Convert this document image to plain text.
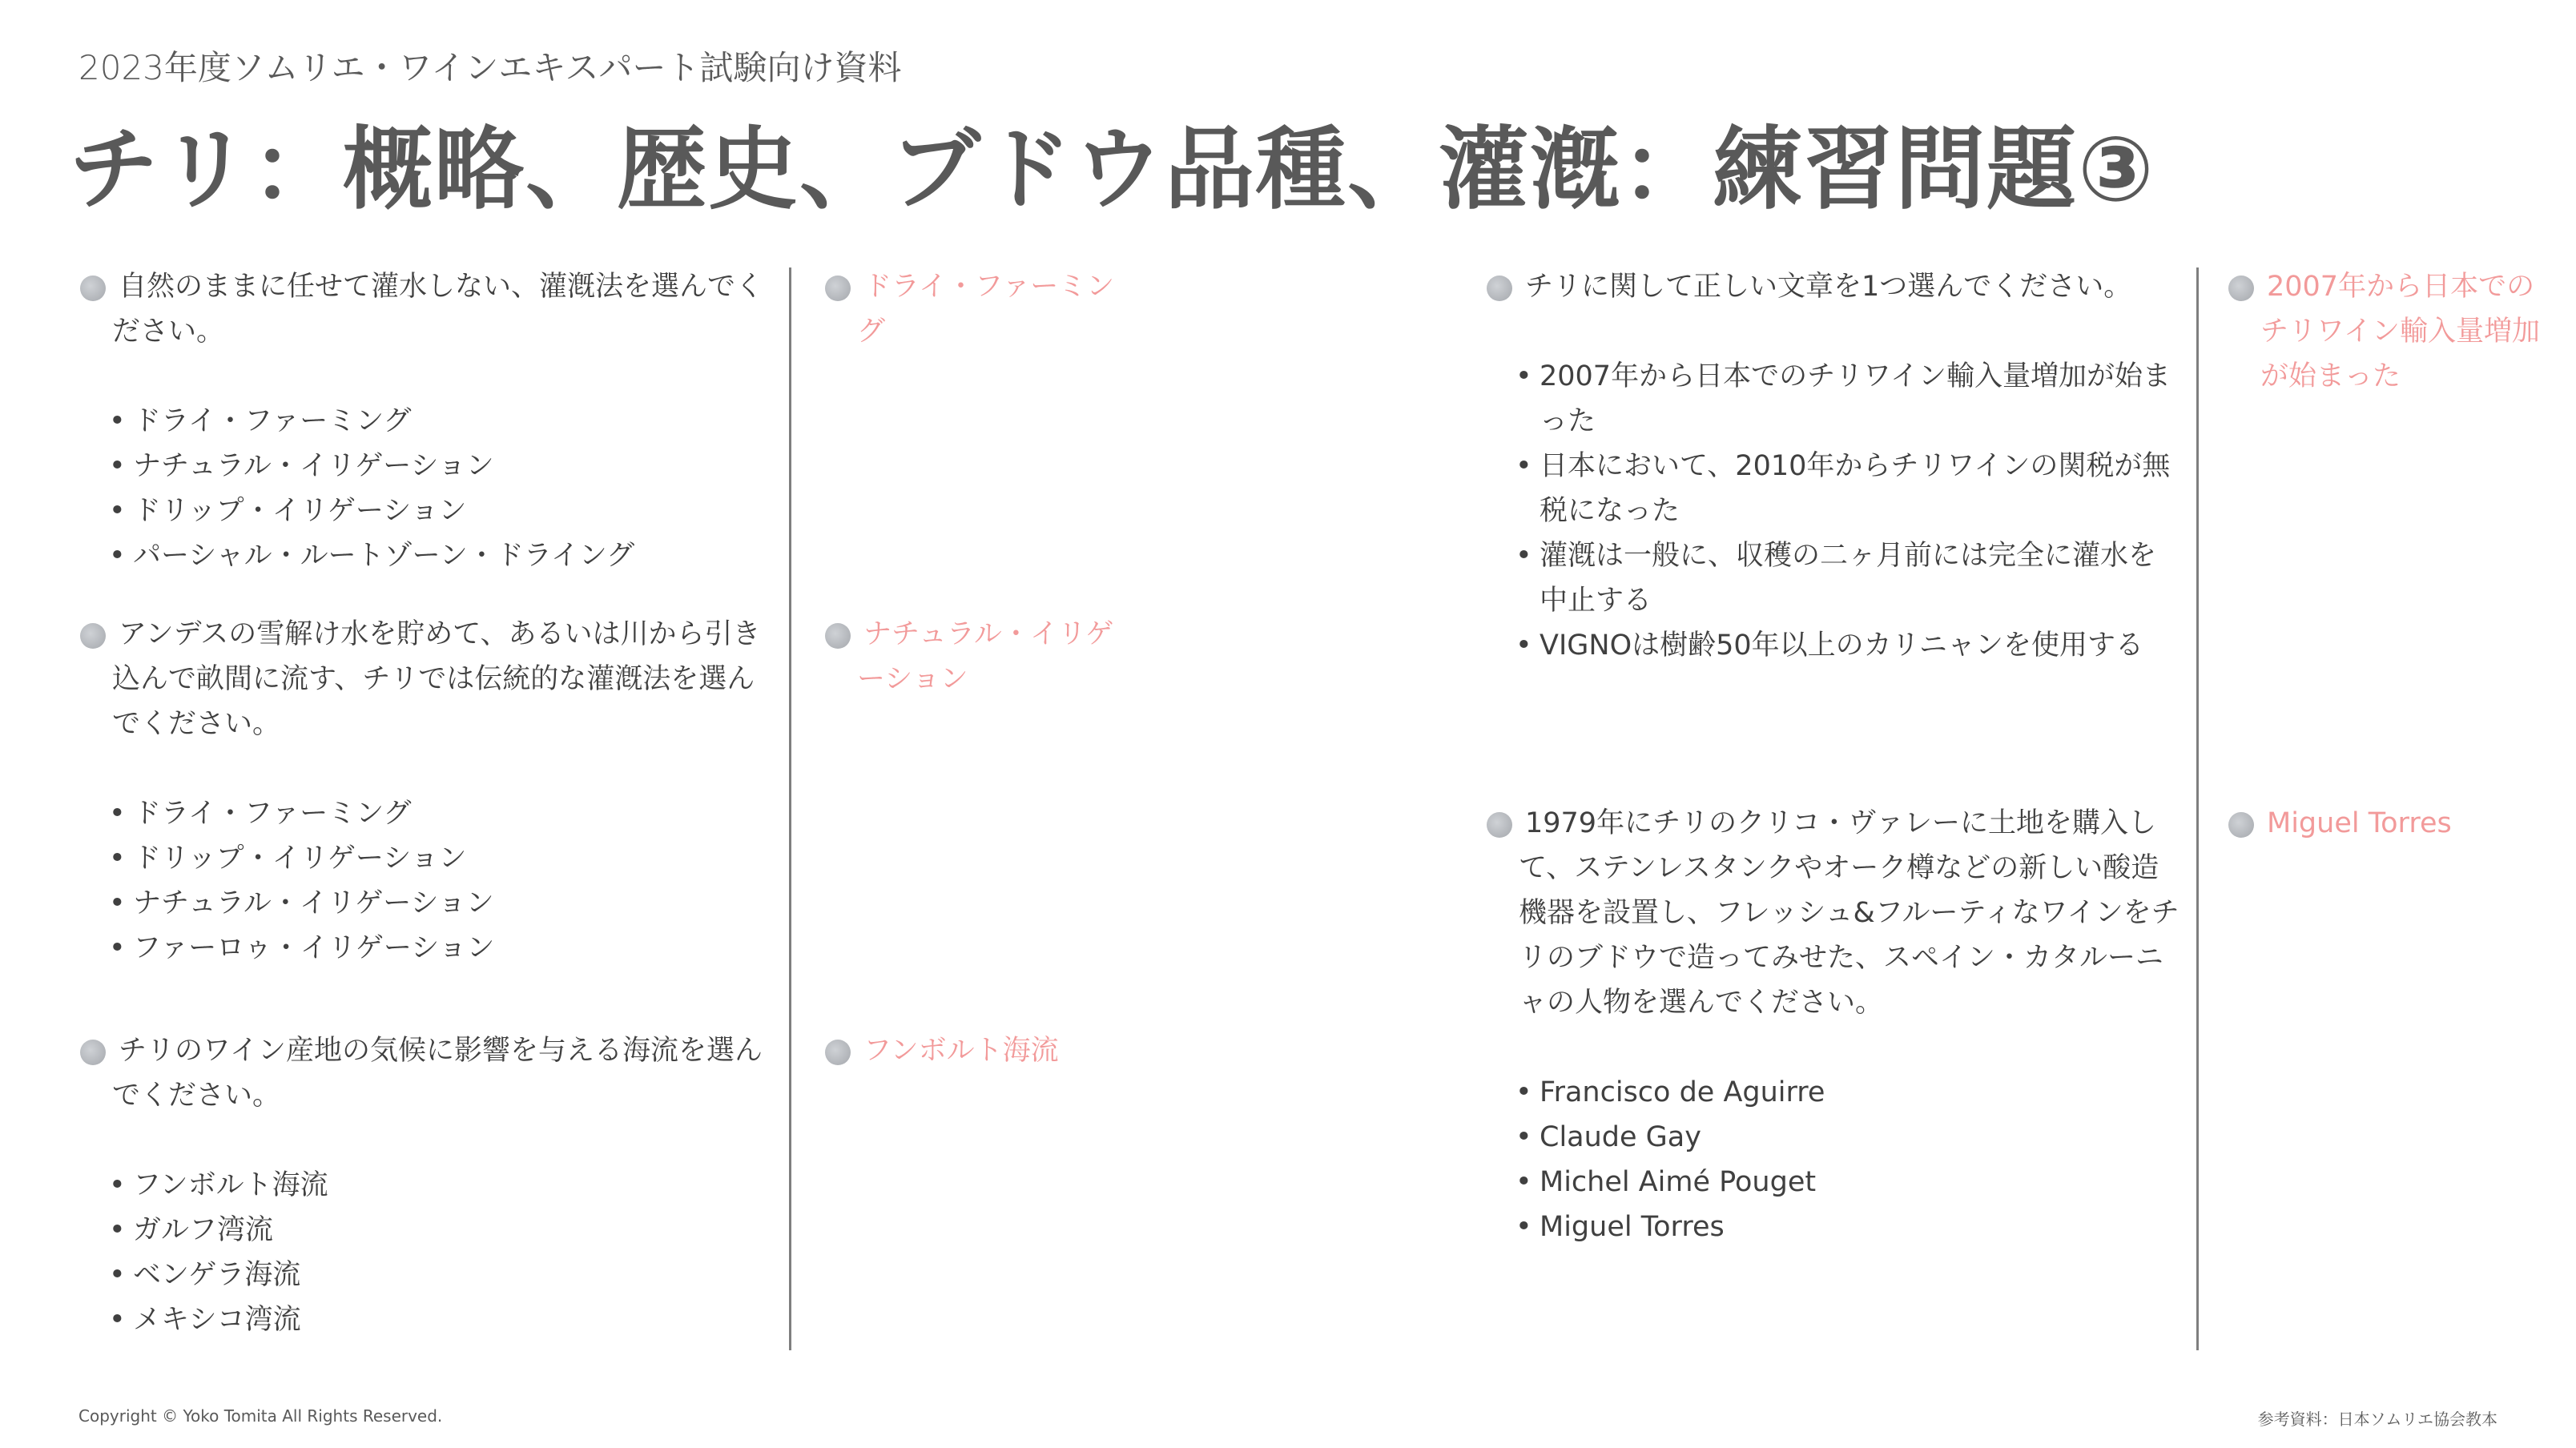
2023年度ソムリエ・ワインエキスパート試験向け資料
チリ：概略、歴史、ブドウ品種、灌漑：練習問題③
自然のままに任せて灌水しない、灌漑法を選んでください。
• ドライ・ファーミング
• ナチュラル・イリゲーション
• ドリップ・イリゲーション
• パーシャル・ルートゾーン・ドライング
ドライ・ファーミング
アンデスの雪解け水を貯めて、あるいは川から引き込んで畝間に流す、チリでは伝統的な灌漑法を選んでください。
• ドライ・ファーミング
• ドリップ・イリゲーション
• ナチュラル・イリゲーション
• ファーロゥ・イリゲーション
ナチュラル・イリゲーション
チリのワイン産地の気候に影響を与える海流を選んでください。
• フンボルト海流
• ガルフ湾流
• ベンゲラ海流
• メキシコ湾流
フンボルト海流
チリに関して正しい文章を1つ選んでください。
• 2007年から日本でのチリワイン輸入量増加が始まった
• 日本において、2010年からチリワインの関税が無税になった
• 灌漑は一般に、収穫の二ヶ月前には完全に灌水を中止する
• VIGNOは樹齢50年以上のカリニャンを使用する
2007年から日本でのチリワイン輸入量増加が始まった
1979年にチリのクリコ・ヴァレーに土地を購入して、ステンレスタンクやオーク樽などの新しい酸造機器を設置し、フレッシュ&フルーティなワインをチリのブドウで造ってみせた、スペイン・カタルーニャの人物を選んでください。
• Francisco de Aguirre
• Claude Gay
• Michel Aimé Pouget
• Miguel Torres
Miguel Torres
Copyright © Yoko Tomita All Rights Reserved.	参考資料：日本ソムリエ協会教本
